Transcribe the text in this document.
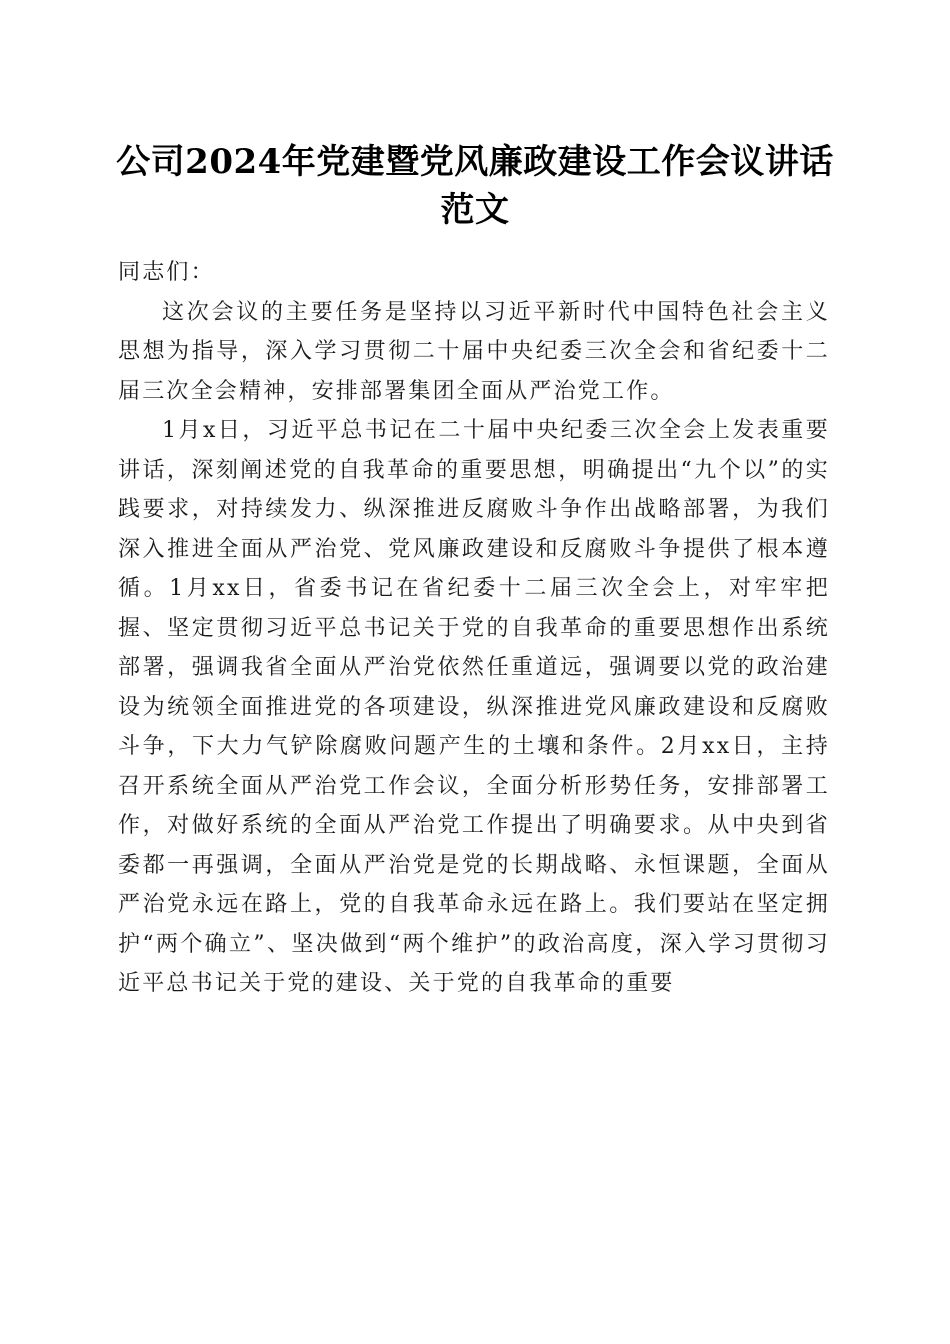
公司2024年党建暨党风廉政建设工作会议讲话范文

同志们：

这次会议的主要任务是坚持以习近平新时代中国特色社会主义思想为指导，深入学习贯彻二十届中央纪委三次全会和省纪委十二届三次全会精神，安排部署集团全面从严治党工作。

1月x日，习近平总书记在二十届中央纪委三次全会上发表重要讲话，深刻阐述党的自我革命的重要思想，明确提出“九个以”的实践要求，对持续发力、纵深推进反腐败斗争作出战略部署，为我们深入推进全面从严治党、党风廉政建设和反腐败斗争提供了根本遵循。1月xx日，省委书记在省纪委十二届三次全会上，对牢牢把握、坚定贯彻习近平总书记关于党的自我革命的重要思想作出系统部署，强调我省全面从严治党依然任重道远，强调要以党的政治建设为统领全面推进党的各项建设，纵深推进党风廉政建设和反腐败斗争，下大力气铲除腐败问题产生的土壤和条件。2月xx日，主持召开系统全面从严治党工作会议，全面分析形势任务，安排部署工作，对做好系统的全面从严治党工作提出了明确要求。从中央到省委都一再强调，全面从严治党是党的长期战略、永恒课题，全面从严治党永远在路上，党的自我革命永远在路上。我们要站在坚定拥护“两个确立”、坚决做到“两个维护”的政治高度，深入学习贯彻习近平总书记关于党的建设、关于党的自我革命的重要
